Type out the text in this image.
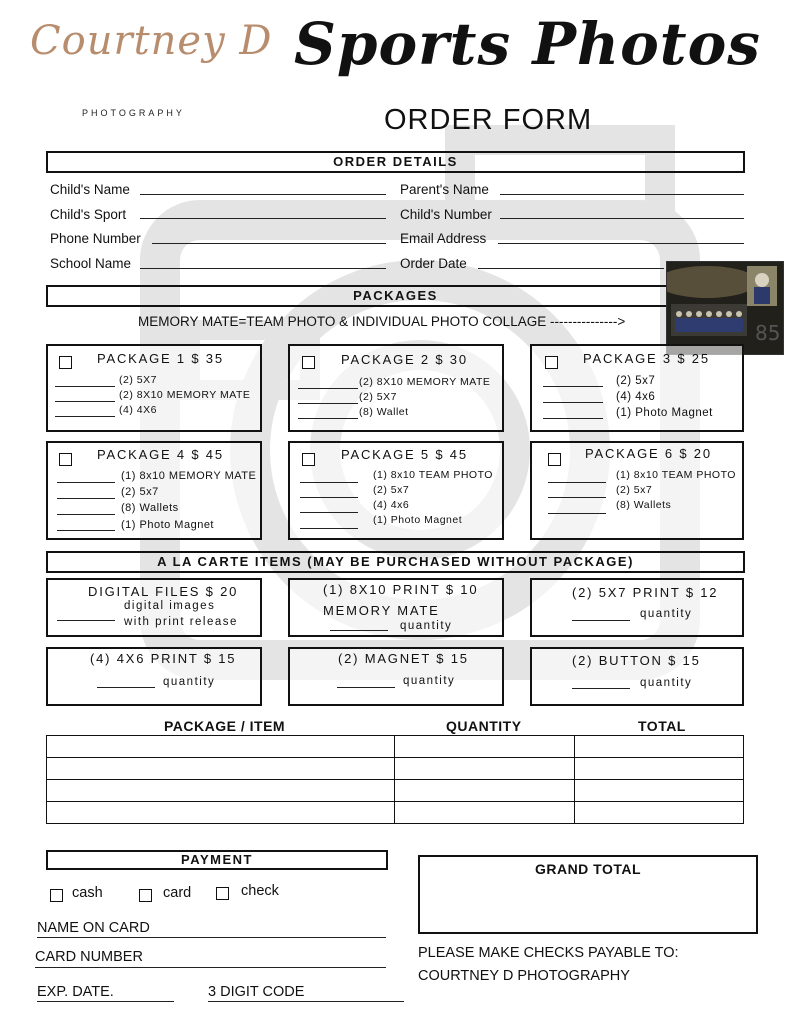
Courtney D
PHOTOGRAPHY
Sports Photos
ORDER FORM
ORDER DETAILS
Child's Name	Parent's Name
Child's Sport	Child's Number
Phone Number	Email Address
School Name	Order Date
PACKAGES
MEMORY MATE=TEAM PHOTO & INDIVIDUAL PHOTO COLLAGE --------------->	85
PACKAGE 1 $ 35
(2) 5X7
(2) 8X10 MEMORY MATE
(4) 4X6
PACKAGE 2 $ 30
(2) 8X10 MEMORY MATE
(2) 5X7
(8) Wallet
PACKAGE 3 $ 25
(2) 5x7
(4) 4x6
(1) Photo Magnet
PACKAGE 4 $ 45
(1) 8x10 MEMORY MATE
(2) 5x7
(8) Wallets
(1) Photo Magnet
PACKAGE 5 $ 45
(1) 8x10 TEAM PHOTO
(2) 5x7
(4) 4x6
(1) Photo Magnet
PACKAGE 6 $ 20
(1) 8x10 TEAM PHOTO
(2) 5x7
(8) Wallets
A LA CARTE ITEMS (MAY BE PURCHASED WITHOUT PACKAGE)
DIGITAL FILES $ 20
digital images
with print release
(1) 8X10 PRINT $ 10
MEMORY MATE
quantity
(2) 5X7 PRINT $ 12
quantity
(4) 4X6 PRINT $ 15
quantity
(2) MAGNET $ 15
quantity
(2) BUTTON $ 15
quantity
PACKAGE / ITEM	QUANTITY	TOTAL

PAYMENT
cash	card	check
NAME ON CARD
CARD NUMBER
EXP. DATE.	3 DIGIT CODE
GRAND TOTAL
PLEASE MAKE CHECKS PAYABLE TO:
COURTNEY D PHOTOGRAPHY
